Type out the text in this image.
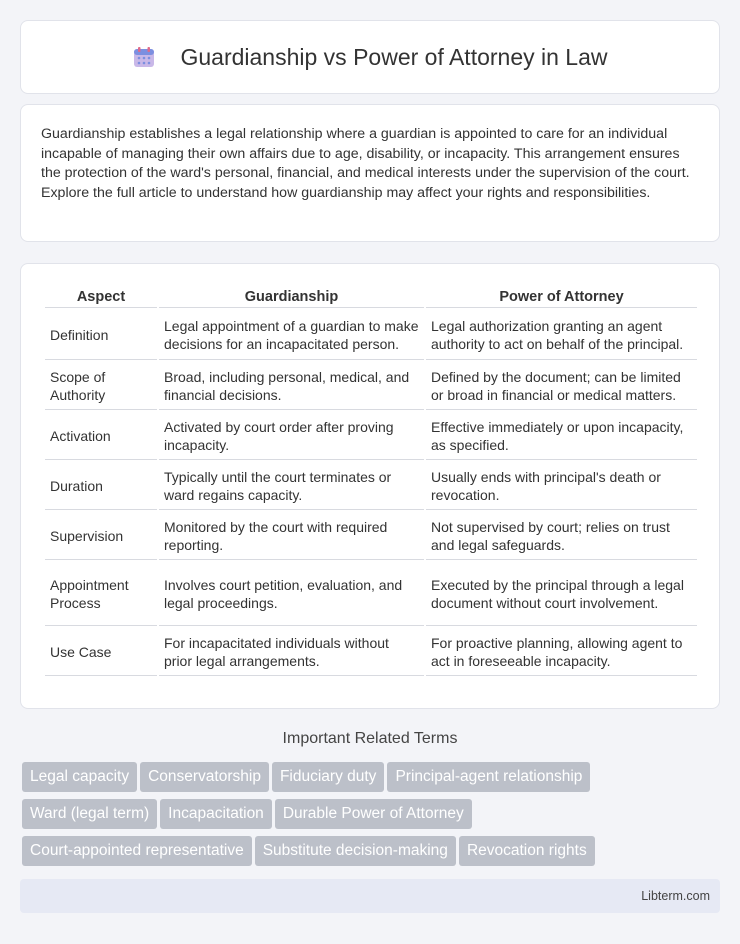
Guardianship vs Power of Attorney in Law

Guardianship establishes a legal relationship where a guardian is appointed to care for an individual incapable of managing their own affairs due to age, disability, or incapacity. This arrangement ensures the protection of the ward's personal, financial, and medical interests under the supervision of the court. Explore the full article to understand how guardianship may affect your rights and responsibilities.

Aspect	Guardianship	Power of Attorney
Definition	Legal appointment of a guardian to make decisions for an incapacitated person.	Legal authorization granting an agent authority to act on behalf of the principal.
Scope of Authority	Broad, including personal, medical, and financial decisions.	Defined by the document; can be limited or broad in financial or medical matters.
Activation	Activated by court order after proving incapacity.	Effective immediately or upon incapacity, as specified.
Duration	Typically until the court terminates or ward regains capacity.	Usually ends with principal's death or revocation.
Supervision	Monitored by the court with required reporting.	Not supervised by court; relies on trust and legal safeguards.
Appointment Process	Involves court petition, evaluation, and legal proceedings.	Executed by the principal through a legal document without court involvement.
Use Case	For incapacitated individuals without prior legal arrangements.	For proactive planning, allowing agent to act in foreseeable incapacity.
Important Related Terms
Legal capacity Conservatorship Fiduciary duty Principal-agent relationship
Ward (legal term) Incapacitation Durable Power of Attorney
Court-appointed representative Substitute decision-making Revocation rights
Libterm.com
